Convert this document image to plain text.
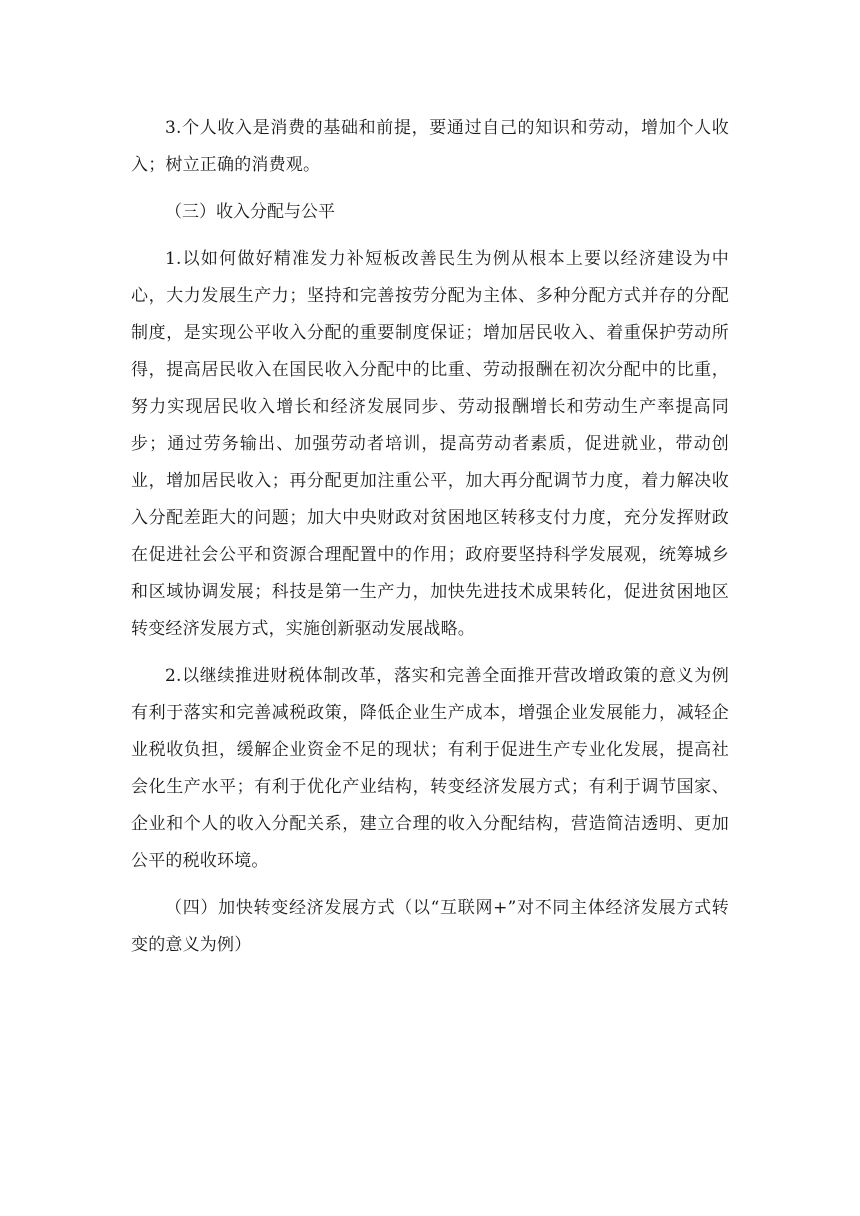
3.个人收入是消费的基础和前提，要通过自己的知识和劳动，增加个人收入；树立正确的消费观。

（三）收入分配与公平

1.以如何做好精准发力补短板改善民生为例从根本上要以经济建设为中心，大力发展生产力；坚持和完善按劳分配为主体、多种分配方式并存的分配制度，是实现公平收入分配的重要制度保证；增加居民收入、着重保护劳动所得，提高居民收入在国民收入分配中的比重、劳动报酬在初次分配中的比重，努力实现居民收入增长和经济发展同步、劳动报酬增长和劳动生产率提高同步；通过劳务输出、加强劳动者培训，提高劳动者素质，促进就业，带动创业，增加居民收入；再分配更加注重公平，加大再分配调节力度，着力解决收入分配差距大的问题；加大中央财政对贫困地区转移支付力度，充分发挥财政在促进社会公平和资源合理配置中的作用；政府要坚持科学发展观，统筹城乡和区域协调发展；科技是第一生产力，加快先进技术成果转化，促进贫困地区转变经济发展方式，实施创新驱动发展战略。

2.以继续推进财税体制改革，落实和完善全面推开营改增政策的意义为例有利于落实和完善减税政策，降低企业生产成本，增强企业发展能力，减轻企业税收负担，缓解企业资金不足的现状；有利于促进生产专业化发展，提高社会化生产水平；有利于优化产业结构，转变经济发展方式；有利于调节国家、企业和个人的收入分配关系，建立合理的收入分配结构，营造简洁透明、更加公平的税收环境。

（四）加快转变经济发展方式（以“互联网+”对不同主体经济发展方式转变的意义为例）
